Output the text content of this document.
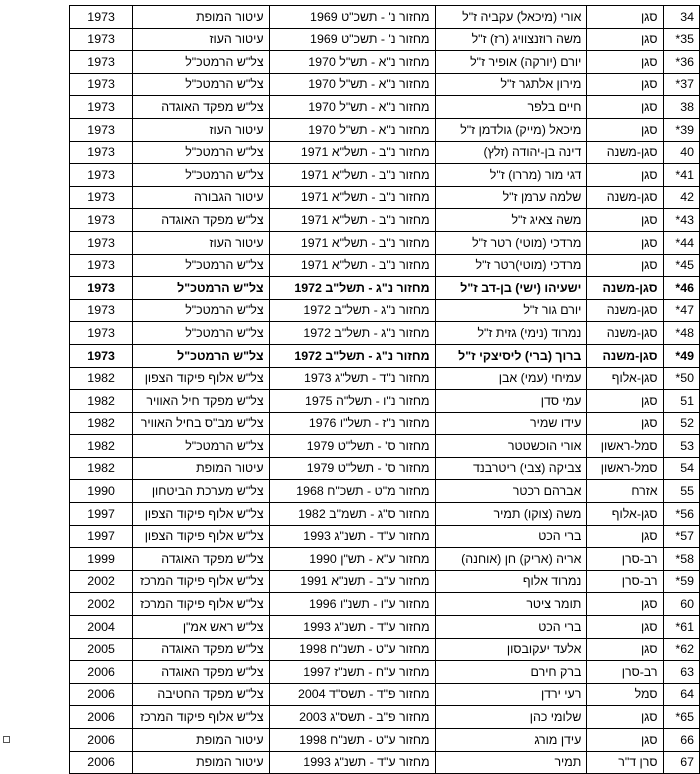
34	סגן	אורי (מיכאל) עקביה ז"ל	מחזור נ' - תשכ"ט 1969	עיטור המופת	1973
35*	סגן	משה רוזנצוויג (רז) ז"ל	מחזור נ' - תשכ"ט 1969	עיטור העוז	1973
36*	סגן	יורם (יורקה) אופיר ז"ל	מחזור נ"א - תש"ל 1970	צל"ש הרמטכ"ל	1973
37*	סגן	מירון אלתגר ז"ל	מחזור נ"א - תש"ל 1970	צל"ש הרמטכ"ל	1973
38	סגן	חיים בלפר	מחזור נ"א - תש"ל 1970	צל"ש מפקד האוגדה	1973
39*	סגן	מיכאל (מייק) גולדמן ז"ל	מחזור נ"א - תש"ל 1970	עיטור העוז	1973
40	סגן-משנה	דינה בן-יהודה (זלץ)	מחזור נ"ב - תשל"א 1971	צל"ש הרמטכ"ל	1973
41*	סגן	דגי מור (מררו) ז"ל	מחזור נ"ב - תשל"א 1971	צל"ש הרמטכ"ל	1973
42	סגן-משנה	שלמה ערמן ז"ל	מחזור נ"ב - תשל"א 1971	עיטור הגבורה	1973
43*	סגן	משה צאיג ז"ל	מחזור נ"ב - תשל"א 1971	צל"ש מפקד האוגדה	1973
44*	סגן	מרדכי (מוטי) רטר ז"ל	מחזור נ"ב - תשל"א 1971	עיטור העוז	1973
45*	סגן	מרדכי (מוטי)רטר ז"ל	מחזור נ"ב - תשל"א 1971	צל"ש הרמטכ"ל	1973
46*	סגן-משנה	ישעיהו (ישי) בן-דב ז"ל	מחזור נ"ג - תשל"ב 1972	צל"ש הרמטכ"ל	1973
47*	סגן-משנה	יורם גור ז"ל	מחזור נ"ג - תשל"ב 1972	צל"ש הרמטכ"ל	1973
48*	סגן-משנה	נמרוד (נימי) גזית ז"ל	מחזור נ"ג - תשל"ב 1972	צל"ש הרמטכ"ל	1973
49*	סגן-משנה	ברוך (ברי) ליסיצקי ז"ל	מחזור נ"ג - תשל"ב 1972	צל"ש הרמטכ"ל	1973
50*	סגן-אלוף	עמיחי (עמי) אבן	מחזור נ"ד - תשל"ג 1973	צל"ש אלוף פיקוד הצפון	1982
51	סגן	עמי סדן	מחזור נ"ו - תשל"ה 1975	צל"ש מפקד חיל האוויר	1982
52	סגן	עידו שמיר	מחזור נ"ז - תשל"ו 1976	צל"ש מב"ס בחיל האוויר	1982
53	סמל-ראשון	אורי הוכשטטר	מחזור ס' - תשל"ט 1979	צל"ש הרמטכ"ל	1982
54	סמל-ראשון	צביקה (צבי) ריטרבנד	מחזור ס' - תשל"ט 1979	עיטור המופת	1982
55	אזרח	אברהם רכטר	מחזור מ"ט - תשכ"ח 1968	צל"ש מערכת הביטחון	1990
56*	סגן-אלוף	משה (צוקו) תמיר	מחזור ס"ג - תשמ"ב 1982	צל"ש אלוף פיקוד הצפון	1997
57*	סגן	ברי הכט	מחזור ע"ד - תשנ"ג 1993	צל"ש אלוף פיקוד הצפון	1997
58*	רב-סרן	אריה (אריק) חן (אוחנה)	מחזור ע"א - תש"ן 1990	צל"ש מפקד האוגדה	1999
59*	רב-סרן	נמרוד אלוף	מחזור ע"ב - תשנ"א 1991	צל"ש אלוף פיקוד המרכז	2002
60	סגן	תומר ציטר	מחזור ע"ו - תשנ"ו 1996	צל"ש אלוף פיקוד המרכז	2002
61*	סגן	ברי הכט	מחזור ע"ד - תשנ"ג 1993	צל"ש ראש אמ"ן	2004
62*	סגן	אלעד יעקובסון	מחזור ע"ט - תשנ"ח 1998	צל"ש מפקד האוגדה	2005
63	רב-סרן	ברק חירם	מחזור ע"ח - תשנ"ז 1997	צל"ש מפקד האוגדה	2006
64	סמל	רעי ירדן	מחזור פ"ד - תשס"ד 2004	צל"ש מפקד החטיבה	2006
65*	סגן	שלומי כהן	מחזור פ"ב - תשס"ג 2003	צל"ש אלוף פיקוד המרכז	2006
66	סגן	עידן מורג	מחזור ע"ט - תשנ"ח 1998	עיטור המופת	2006
67	סרן ד"ר	תמיר	מחזור ע"ד - תשנ"ג 1993	עיטור המופת	2006
